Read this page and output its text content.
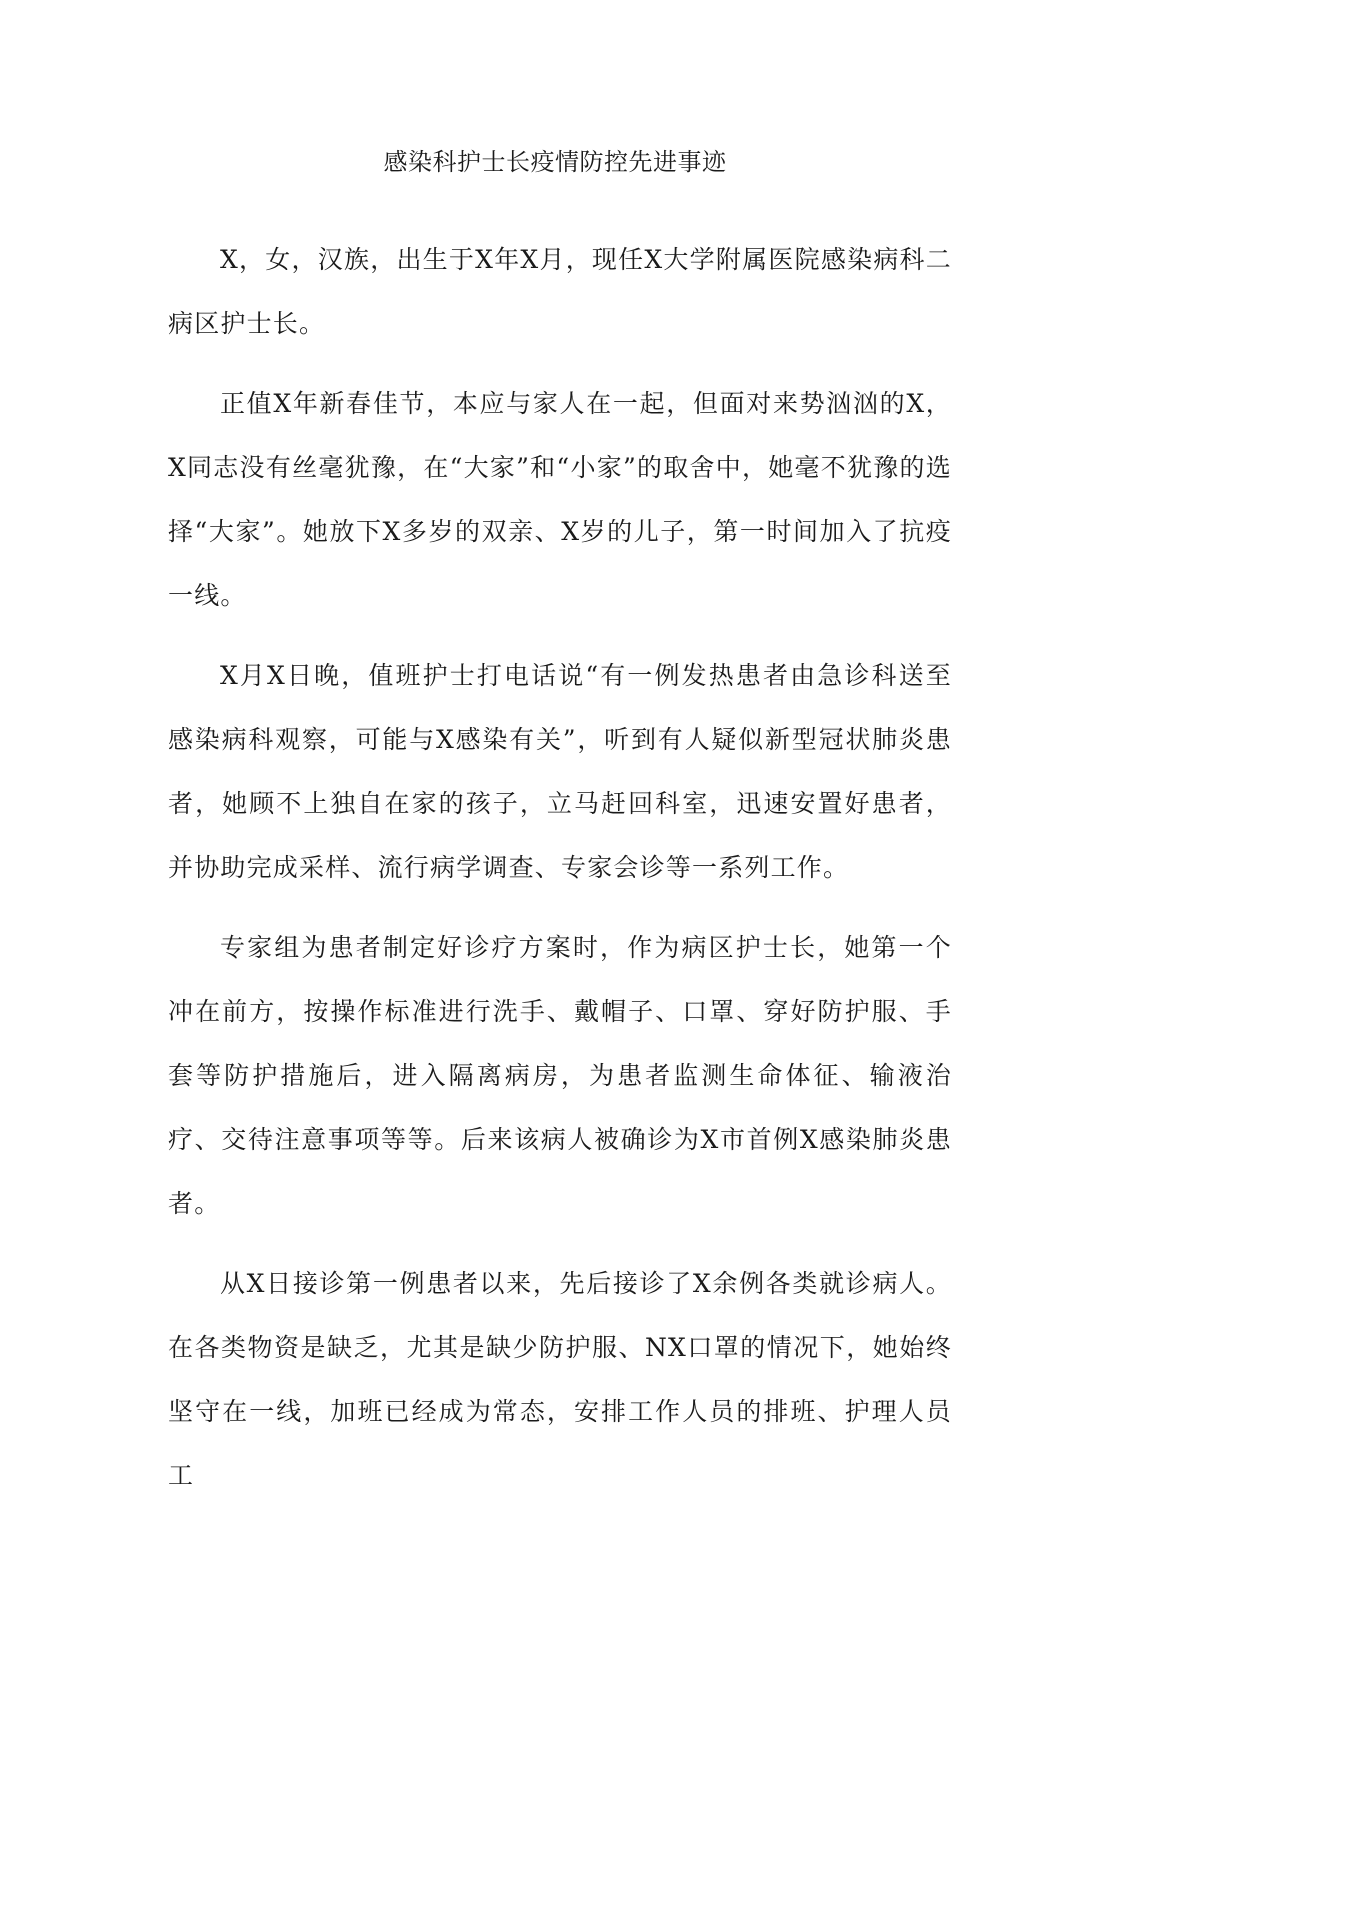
感染科护士长疫情防控先进事迹

X，女，汉族，出生于X年X月，现任X大学附属医院感染病科二病区护士长。

正值X年新春佳节，本应与家人在一起，但面对来势汹汹的X，X同志没有丝毫犹豫，在“大家”和“小家”的取舍中，她毫不犹豫的选择“大家”。她放下X多岁的双亲、X岁的儿子，第一时间加入了抗疫一线。

X月X日晚，值班护士打电话说“有一例发热患者由急诊科送至感染病科观察，可能与X感染有关”，听到有人疑似新型冠状肺炎患者，她顾不上独自在家的孩子，立马赶回科室，迅速安置好患者，并协助完成采样、流行病学调查、专家会诊等一系列工作。

专家组为患者制定好诊疗方案时，作为病区护士长，她第一个冲在前方，按操作标准进行洗手、戴帽子、口罩、穿好防护服、手套等防护措施后，进入隔离病房，为患者监测生命体征、输液治疗、交待注意事项等等。后来该病人被确诊为X市首例X感染肺炎患者。

从X日接诊第一例患者以来，先后接诊了X余例各类就诊病人。在各类物资是缺乏，尤其是缺少防护服、NX口罩的情况下，她始终坚守在一线，加班已经成为常态，安排工作人员的排班、护理人员工
